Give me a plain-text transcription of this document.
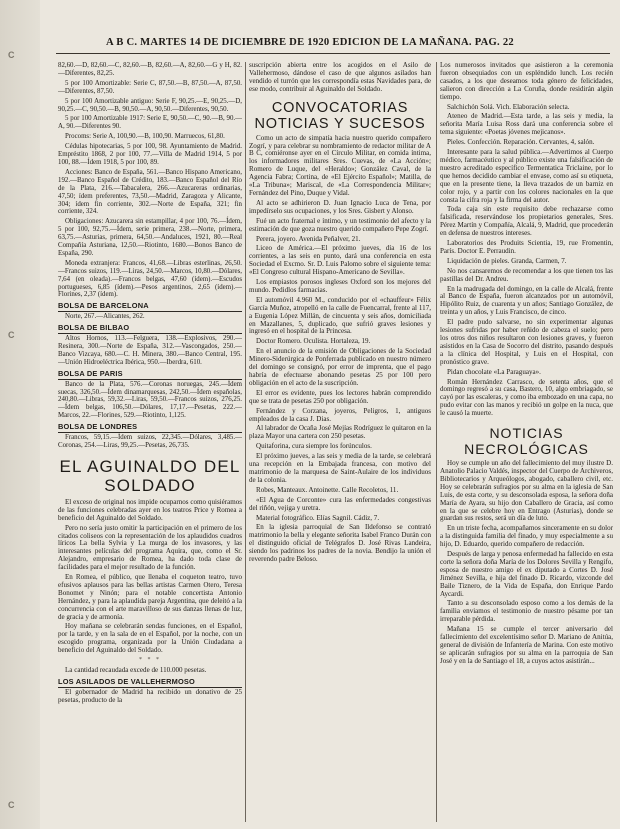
C
C
C
A B C. MARTES 14 DE DICIEMBRE DE 1920 EDICION DE LA MAÑANA. PAG. 22

82,60.—D, 82,60.—C, 82,60.—B, 82,60.—A, 82,60.—G y H, 82.—Diferentes, 82,25.

5 por 100 Amortizable: Serie C, 87,50.—B, 87,50.—A, 87,50.—Diferentes, 87,50.

5 por 100 Amortizable antiguo: Serie F, 90,25.—E, 90,25.—D, 90,25.—C, 90,50.—B, 90,50.—A, 90,50.—Diferentes, 90,50.

5 por 100 Amortizable 1917: Serie E, 90,50.—C, 90.—B, 90.—A, 90.—Diferentes 90.

Procoms: Serie A, 100,90.—B, 100,90. Marruecos, 61,80.

Cédulas hipotecarias, 5 por 100, 98. Ayuntamiento de Madrid. Empréstito 1868, 2 por 100, 77.—Villa de Madrid 1914, 5 por 100, 88.—Ídem 1918, 5 por 100, 89.

Acciones: Banco de España, 561.—Banco Hispano Americano, 192.—Banco Español de Crédito, 183.—Banco Español del Río de la Plata, 216.—Tabacalera, 266.—Azucareras ordinarias, 47,50; ídem preferentes, 73,50.—Madrid, Zaragoza y Alicante, 304; ídem fin corriente, 302.—Norte de España, 321; fin corriente, 324.

Obligaciones: Azucarera sin estampillar, 4 por 100, 76.—Ídem, 5 por 100, 92,75.—Ídem, serie primera, 238.—Norte, primera, 63,75.—Asturias, primera, 64,50.—Andaluces, 1921, 80.—Real Compañía Asturiana, 12,50.—Riotinto, 1680.—Bonos Banco de España, 290.

Moneda extranjera: Francos, 41,68.—Libras esterlinas, 26,50.—Francos suizos, 119.—Liras, 24,50.—Marcos, 10,80.—Dólares, 7,64 (en oleada).—Francos belgas, 47,60 (ídem).—Escudos portugueses, 6,85 (ídem).—Pesos argentinos, 2,65 (ídem).—Florines, 2,37 (ídem).

BOLSA DE BARCELONA

Norte, 267.—Alicantes, 262.

BOLSA DE BILBAO

Altos Hornos, 113.—Felguera, 138.—Explosivos, 290.—Resinera, 300.—Norte de España, 312.—Vascongados, 250.—Banco Vizcaya, 680.—C. H. Minera, 380.—Banco Central, 195.—Unión Hidroeléctrica Ibérica, 950.—Iberdra, 610.

BOLSA DE PARIS

Banco de la Plata, 576.—Coronas noruegas, 245.—Ídem suecas, 326,50.—Ídem dinamarquesas, 242,50.—Ídem españolas, 240,80.—Libras, 59,32.—Liras, 59,50.—Francos suizos, 276,25.—Ídem belgas, 106,50.—Dólares, 17,17.—Pesetas, 222.—Marcos, 22.—Florines, 529.—Riotinto, 1,125.

BOLSA DE LONDRES

Francos, 59,15.—Ídem suizos, 22,345.—Dólares, 3,485.—Coronas, 254.—Liras, 99,25.—Pesetas, 26,735.

EL AGUINALDO DEL SOLDADO

El exceso de original nos impide ocuparnos como quisiéramos de las funciones celebradas ayer en los teatros Price y Romea a beneficio del Aguinaldo del Soldado.

Pero no sería justo omitir la participación en el primero de los citados coliseos con la representación de los aplaudidos cuadros líricos La bella Sylvia y La murga de los invasores, y las interesantes películas del programa Aquira, que, como el Sr. Alejandro, empresario de Romea, ha dado toda clase de facilidades para el mejor resultado de la función.

En Romea, el público, que llenaba el coqueton teatro, tuvo efusivos aplausos para las bellas artistas Carmen Otero, Teresa Bonomet y Ninón; para el notable concertista Antonio Hernández, y para la aplaudida pareja Argentina, que deleitó a la concurrencia con el arte maravilloso de sus danzas llenas de luz, de gracia y de armonía.

Hoy mañana se celebrarán sendas funciones, en el Español, por la tarde, y en la sala de en el Español, por la noche, con un escogido programa, organizada por la Unión Ciudadana a beneficio del Aguinaldo del Soldado.

* * *

La cantidad recaudada excede de 110.000 pesetas.

LOS ASILADOS DE VALLEHERMOSO

El gobernador de Madrid ha recibido un donativo de 25 pesetas, producto de la

suscripción abierta entre los acogidos en el Asilo de Vallehermoso, dándose el caso de que algunos asilados han vendido el turrón que les correspondía estas Navidades para, de ese modo, contribuir al Aguinaldo del Soldado.

CONVOCATORIAS NOTICIAS Y SUCESOS

Como un acto de simpatía hacia nuestro querido compañero Zogrí, y para celebrar su nombramiento de redactor militar de A B C, comiéronse ayer en el Círculo Militar, en comida íntima, los informadores militares Sres. Cuevas, de «La Acción»; Romero de Luque, del «Heraldo»; González Caval, de la Agencia Fabra; Cortina, de «El Ejército Español»; Matilla, de «La Tribuna»; Mariscal, de «La Correspondencia Militar»; Fernández del Pino, Duque y Vidal.

Al acto se adhirieron D. Juan Ignacio Luca de Tena, por impedírselo sus ocupaciones, y los Sres. Gisbert y Alonso.

Fué un acto fraternal e íntimo, y un testimonio del afecto y la estimación de que goza nuestro querido compañero Pepe Zogrí.

Perera, joyero. Avenida Peñalver, 21.

Liceo de América.—El próximo jueves, día 16 de los corrientes, a las seis en punto, dará una conferencia en esta Sociedad el Excmo. Sr. D. Luis Palomo sobre el siguiente tema: «El Congreso cultural Hispano-Americano de Sevilla».

Los empiastos porosos ingleses Oxford son los mejores del mundo. Pedidlos farmacias.

El automóvil 4.960 M., conducido por el «chauffeur» Félix García Muñoz, atropelló en la calle de Fuencarral, frente al 117, a Eugenia López Millán, de cincuenta y seis años, domiciliada en Mazallanes, 5, duplicado, que sufrió graves lesiones y ingresó en el hospital de la Princesa.

Doctor Romero. Oculista. Hortaleza, 19.

En el anuncio de la emisión de Obligaciones de la Sociedad Minero-Siderúrgica de Ponferrada publicado en nuestro número del domingo se consignó, por error de imprenta, que el pago habría de efectuarse abonando pesetas 25 por 100 pero obligación en el acto de la suscripción.

El error es evidente, pues los lectores habrán comprendido que se trata de pesetas 250 por obligación.

Fernández y Corzana, joyeros, Peligros, 1, antiguos empleados de la casa J. Dias.

Al labrador de Ocaña José Mejías Rodríguez le quitaron en la plaza Mayor una cartera con 250 pesetas.

Quitaforina, cura siempre los forúnculos.

El próximo jueves, a las seis y media de la tarde, se celebrará una recepción en la Embajada francesa, con motivo del matrimonio de la marquesa de Saint-Aulaire de los individuos de la colonia.

Robes, Manteaux. Antoinette. Calle Recoletos, 11.

«El Agua de Corconte» cura las enfermedades congestivas del riñón, vejiga y uretra.

Material fotográfico. Elías Sagnil. Cádiz, 7.

En la iglesia parroquial de San Ildefonso se contrató matrimonio la bella y elegante señorita Isabel Franco Durán con el distinguido oficial de Telégrafos D. José Rivas Landeira, siendo los padrinos los padres de la novia. Bendijo la unión el reverendo padre Beloso.

Los numerosos invitados que asistieron a la ceremonia fueron obsequiados con un espléndido lunch. Los recién casados, a los que deseamos toda género de felicidades, salieron con dirección a La Coruña, donde residirán algún tiempo.

Salchichón Solá. Vich. Elaboración selecta.

Ateneo de Madrid.—Esta tarde, a las seis y media, la señorita María Luisa Ross dará una conferencia sobre el tema siguiente: «Poetas jóvenes mejicanos».

Pieles. Confección. Reparación. Cervantes, 4, salón.

Interesante para la salud pública.—Advertimos al Cuerpo médico, farmacéutico y al público existe una falsificación de nuestro acreditado específico Termentatica Triclaine, por lo que hemos decidido cambiar el envase, como así su etiqueta, que en la presente tiene, la lleva trazados de un barniz en color rojo, y a partir con los colores nacionales en la que consta la cifra roja y la firma del autor.

Toda caja sin este requisito debe rechazarse como falsificada, reservándose los propietarios generales, Sres. Pérez Martín y Compañía, Alcalá, 9, Madrid, que procederán en defensa de nuestros intereses.

Laboratorios des Produits Scientia, 19, rue Fromentin, París. Doctor E. Perraudin.

Liquidación de pieles. Granda, Carmen, 7.

No nos cansaremos de recomendar a los que tienen tos las pastillas del Dr. Andreu.

En la madrugada del domingo, en la calle de Alcalá, frente al Banco de España, fueron alcanzados por un automóvil, Hipólito Ruiz, de cuarenta y un años; Santiago González, de treinta y un años, y Luis Francisco, de cinco.

El padre pudo salvarse, no sin experimentar algunas lesiones sufridas por haber reñido de cabeza el suelo; pero los otros dos niños resultaron con lesiones graves, y fueron asistidos en la Casa de Socorro del distrito, pasando después a la clínica del Hospital, y Luis en el Hospital, con pronóstico grave.

Pidan chocolate «La Paraguaya».

Román Hernández Carrasco, de setenta años, que el domingo regresó a su casa, Bastero, 10, algo embriagado, se cayó por las escaleras, y como iba embozado en una capa, no pudo evitar con las manos y recibió un golpe en la nuca, que le causó la muerte.

NOTICIAS NECROLÓGICAS

Hoy se cumple un año del fallecimiento del muy ilustre D. Anatolio Palacio Valdés, inspector del Cuerpo de Archiveros, Bibliotecarios y Arqueólogos, abogado, caballero civil, etc. Hoy se celebrarán sufragios por su alma en la iglesia de San Luis, de esta corte, y su desconsolada esposa, la señora doña María de Ayara, su hijo don Caballero de Gracia, así como en la que se celebre hoy en Entrago (Asturias), donde se guardan sus restos, será un día de luto.

En un triste fecha, acompañamos sinceramente en su dolor a la distinguida familia del finado, y muy especialmente a su hijo, D. Eduardo, querido compañero de redacción.

Después de larga y penosa enfermedad ha fallecido en esta corte la señora doña María de los Dolores Sevilla y Rengifo, esposa de nuestro amigo el ex diputado a Cortes D. José Jiménez Sevilla, e hija del finado D. Ricardo, vizconde del Baile Tiznero, de la Vida de España, don Enrique Pardo Aycardi.

Tanto a su desconsolado esposo como a los demás de la familia enviamos el testimonio de nuestro pésame por tan irreparable pérdida.

Mañana 15 se cumple el tercer aniversario del fallecimiento del excelentísimo señor D. Mariano de Anitúa, general de división de Infantería de Marina. Con este motivo se aplicarán sufragios por su alma en la parroquia de San José y en la de Santiago el 18, a cuyos actos asistirán...
